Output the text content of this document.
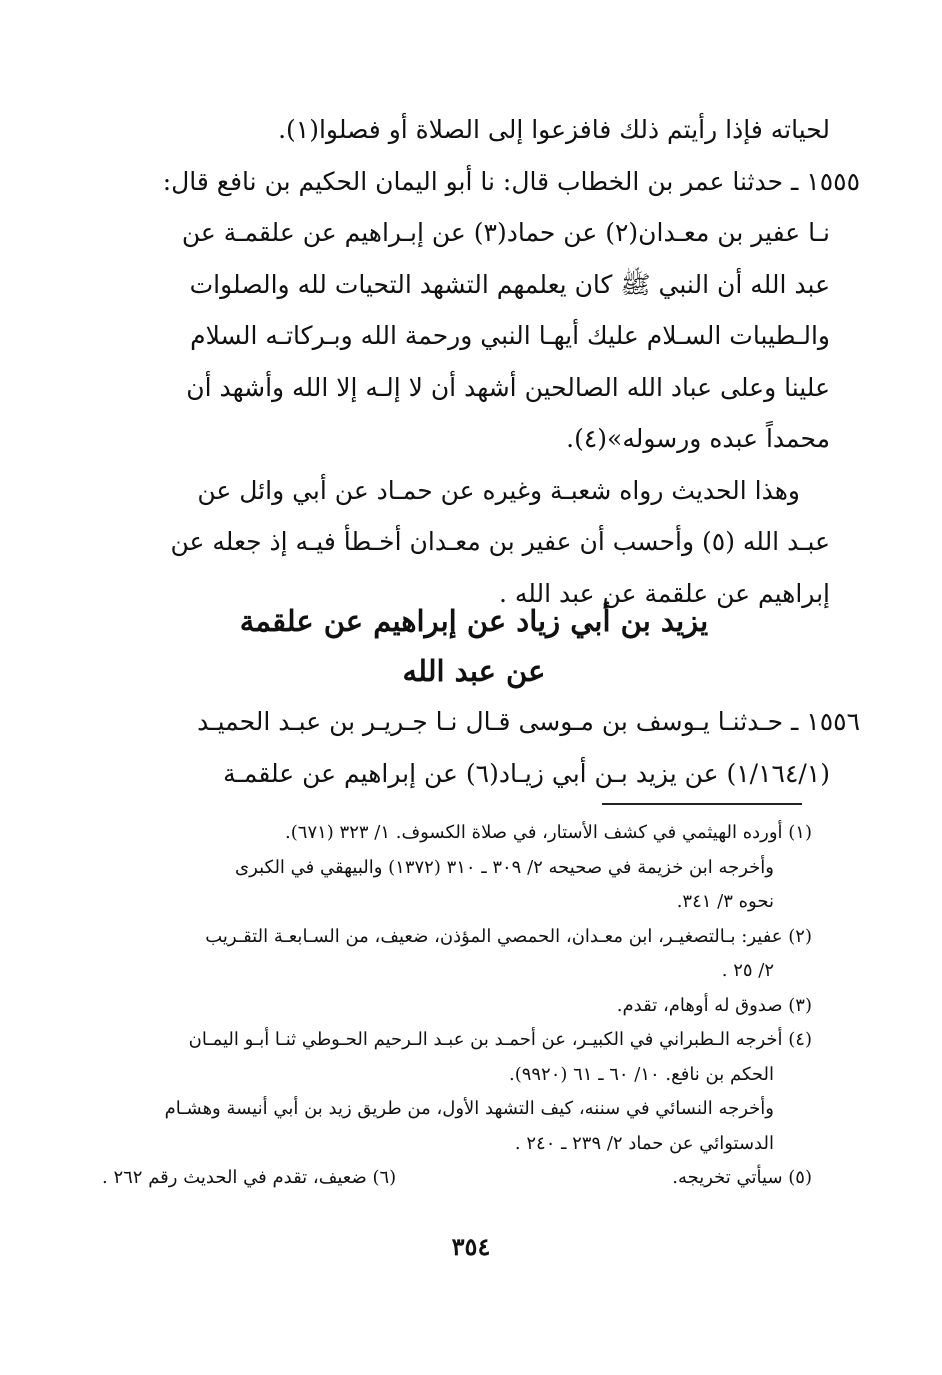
لحياته فإذا رأيتم ذلك فافزعوا إلى الصلاة أو فصلوا(١).

١٥٥٥ ـ حدثنا عمر بن الخطاب قال: نا أبو اليمان الحكيم بن نافع قال:

نـا عفير بن معـدان(٢) عن حماد(٣) عن إبـراهيم عن علقمـة عن

عبد الله أن النبي ﷺ كان يعلمهم التشهد التحيات لله والصلوات

والـطيبات السـلام عليك أيهـا النبي ورحمة الله وبـركاتـه السلام

علينا وعلى عباد الله الصالحين أشهد أن لا إلـه إلا الله وأشهد أن

محمداً عبده ورسوله»(٤).

وهذا الحديث رواه شعبـة وغيره عن حمـاد عن أبي وائل عن

عبـد الله (٥) وأحسب أن عفير بن معـدان أخـطأ فيـه إذ جعله عن

إبراهيم عن علقمة عن عبد الله .

يزيد بن أبي زياد عن إبراهيم عن علقمة
عن عبد الله

١٥٥٦ ـ حـدثنـا يـوسف بن مـوسى قـال نـا جـريـر بن عبـد الحميـد

(١/١٦٤/١) عن يزيد بـن أبي زيـاد(٦) عن إبراهيم عن علقمـة

(١) أورده الهيثمي في كشف الأستار، في صلاة الكسوف. ١/ ٣٢٣ (٦٧١).

وأخرجه ابن خزيمة في صحيحه ٢/ ٣٠٩ ـ ٣١٠ (١٣٧٢) والبيهقي في الكبرى

نحوه ٣/ ٣٤١.

(٢) عفير: بـالتصغيـر، ابن معـدان، الحمصي المؤذن، ضعيف، من السـابعـة التقـريب

٢/ ٢٥ .

(٣) صدوق له أوهام، تقدم.

(٤) أخرجه الـطبراني في الكبيـر، عن أحمـد بن عبـد الـرحيم الحـوطي ثنـا أبـو اليمـان

الحكم بن نافع. ١٠/ ٦٠ ـ ٦١ (٩٩٢٠).

وأخرجه النسائي في سننه، كيف التشهد الأول، من طريق زيد بن أبي أنيسة وهشـام

الدستوائي عن حماد ٢/ ٢٣٩ ـ ٢٤٠ .

(٥) سيأتي تخريجه.
(٦) ضعيف، تقدم في الحديث رقم ٢٦٢ .
٣٥٤
